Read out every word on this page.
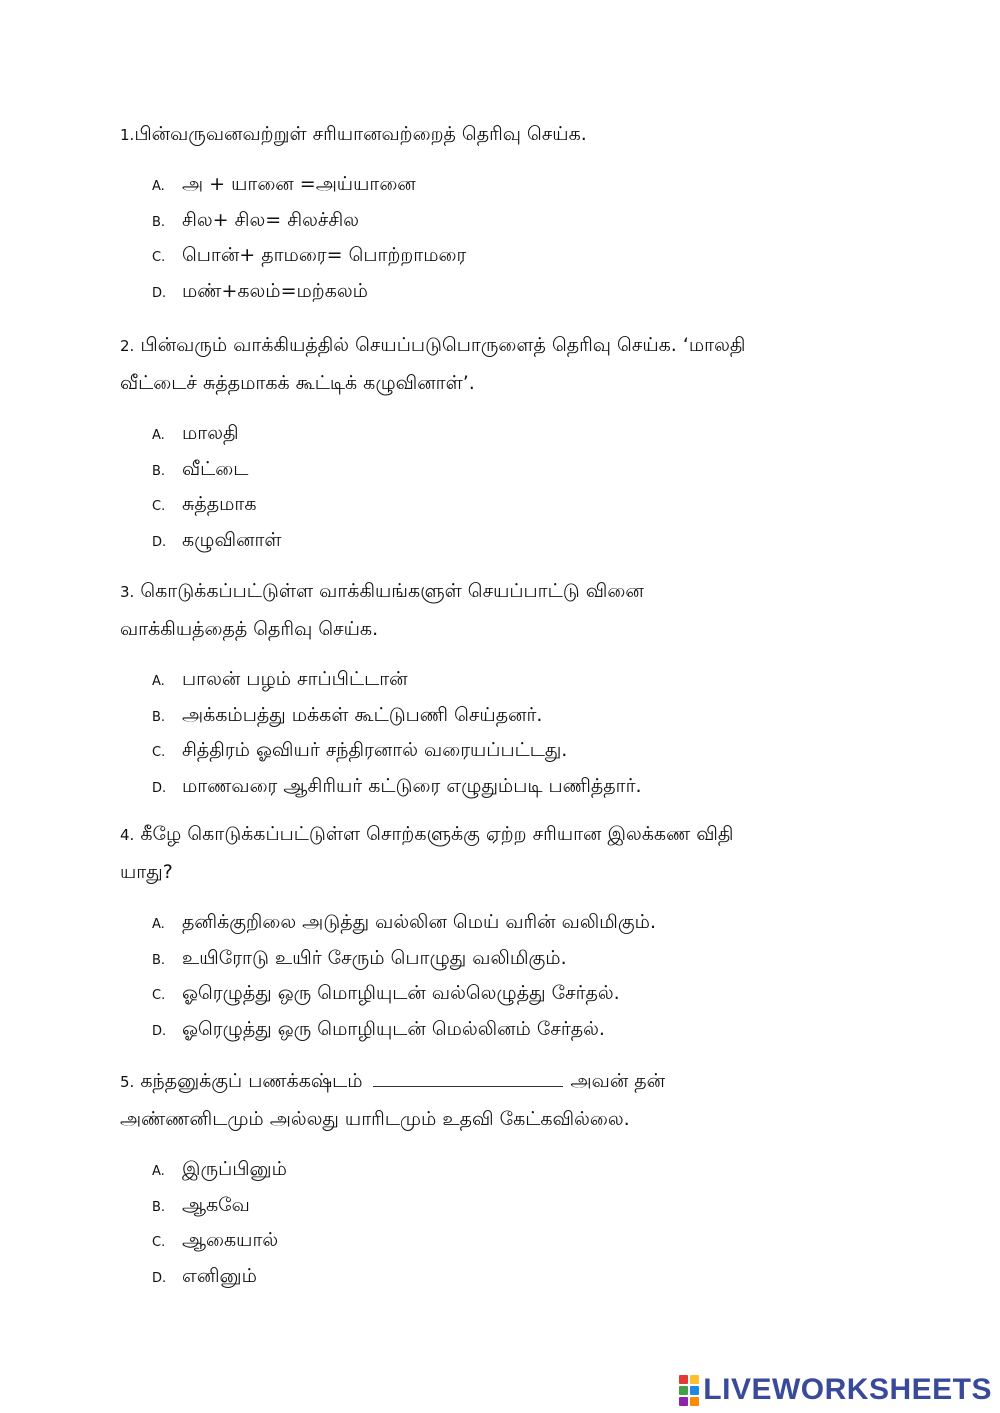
1.பின்வருவனவற்றுள் சரியானவற்றைத் தெரிவு செய்க.

A. அ + யானை =அய்யானை
B. சில+ சில= சிலச்சில
C. பொன்+ தாமரை= பொற்றாமரை
D. மண்+கலம்=மற்கலம்

2. பின்வரும் வாக்கியத்தில் செயப்படுபொருளைத் தெரிவு செய்க. ‘மாலதி
வீட்டைச் சுத்தமாகக் கூட்டிக் கழுவினாள்’.

A. மாலதி
B. வீட்டை
C. சுத்தமாக
D. கழுவினாள்

3. கொடுக்கப்பட்டுள்ள வாக்கியங்களுள் செயப்பாட்டு வினை
வாக்கியத்தைத் தெரிவு செய்க.

A. பாலன் பழம் சாப்பிட்டான்
B. அக்கம்பத்து மக்கள் கூட்டுபணி செய்தனர்.
C. சித்திரம் ஓவியர் சந்திரனால் வரையப்பட்டது.
D. மாணவரை ஆசிரியர் கட்டுரை எழுதும்படி பணித்தார்.

4. கீழே கொடுக்கப்பட்டுள்ள சொற்களுக்கு ஏற்ற சரியான இலக்கண விதி
யாது?

A. தனிக்குறிலை அடுத்து வல்லின மெய் வரின் வலிமிகும்.
B. உயிரோடு உயிர் சேரும் பொழுது வலிமிகும்.
C. ஓரெழுத்து ஒரு மொழியுடன் வல்லெழுத்து சேர்தல்.
D. ஓரெழுத்து ஒரு மொழியுடன் மெல்லினம் சேர்தல்.

5. கந்தனுக்குப் பணக்கஷ்டம்	அவன் தன்
அண்ணனிடமும் அல்லது யாரிடமும் உதவி கேட்கவில்லை.

A. இருப்பினும்
B. ஆகவே
C. ஆகையால்
D. எனினும்
LIVEWORKSHEETS
